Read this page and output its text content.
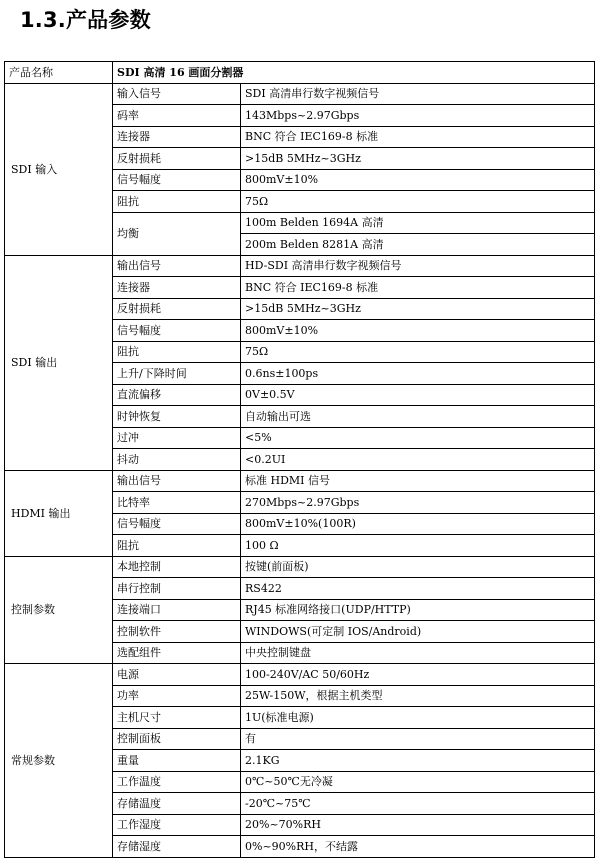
1.3.产品参数
产品名称	SDI 高清 16 画面分割器	
SDI 输入	输入信号	SDI 高清串行数字视频信号
	码率	143Mbps~2.97Gbps
	连接器	BNC 符合 IEC169-8 标准
	反射损耗	>15dB 5MHz~3GHz
	信号幅度	800mV±10%
	阻抗	75Ω
	均衡	100m Belden 1694A 高清
		200m Belden 8281A 高清
SDI 输出	输出信号	HD-SDI 高清串行数字视频信号
	连接器	BNC 符合 IEC169-8 标准
	反射损耗	>15dB 5MHz~3GHz
	信号幅度	800mV±10%
	阻抗	75Ω
	上升/下降时间	0.6ns±100ps
	直流偏移	0V±0.5V
	时钟恢复	自动输出可选
	过冲	<5%
	抖动	<0.2UI
HDMI 输出	输出信号	标准 HDMI 信号
	比特率	270Mbps~2.97Gbps
	信号幅度	800mV±10%(100R)
	阻抗	100 Ω
控制参数	本地控制	按键(前面板)
	串行控制	RS422
	连接端口	RJ45 标准网络接口(UDP/HTTP)
	控制软件	WINDOWS(可定制 IOS/Android)
	选配组件	中央控制键盘
常规参数	电源	100-240V/AC 50/60Hz
	功率	25W-150W，根据主机类型
	主机尺寸	1U(标准电源)
	控制面板	有
	重量	2.1KG
	工作温度	0℃~50℃无冷凝
	存储温度	-20℃~75℃
	工作湿度	20%~70%RH
	存储湿度	0%~90%RH，不结露
